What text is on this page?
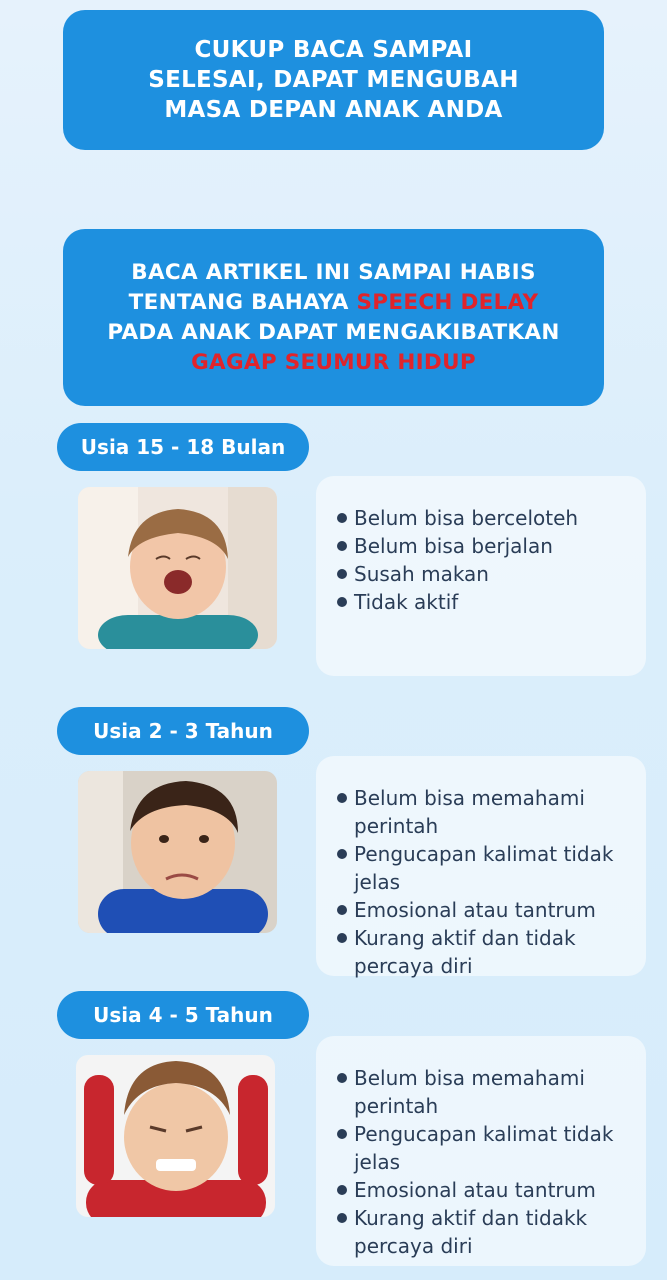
CUKUP BACA SAMPAI
SELESAI, DAPAT MENGUBAH
MASA DEPAN ANAK ANDA
BACA ARTIKEL INI SAMPAI HABIS
TENTANG BAHAYA SPEECH DELAY
PADA ANAK DAPAT MENGAKIBATKAN
GAGAP SEUMUR HIDUP
Usia 15 - 18 Bulan
Belum bisa berceloteh
Belum bisa berjalan
Susah makan
Tidak aktif
Usia 2 - 3 Tahun
Belum bisa memahami perintah
Pengucapan kalimat tidak jelas
Emosional atau tantrum
Kurang aktif dan tidak percaya diri
Usia 4 - 5 Tahun
Belum bisa memahami perintah
Pengucapan kalimat tidak jelas
Emosional atau tantrum
Kurang aktif dan tidakk percaya diri
